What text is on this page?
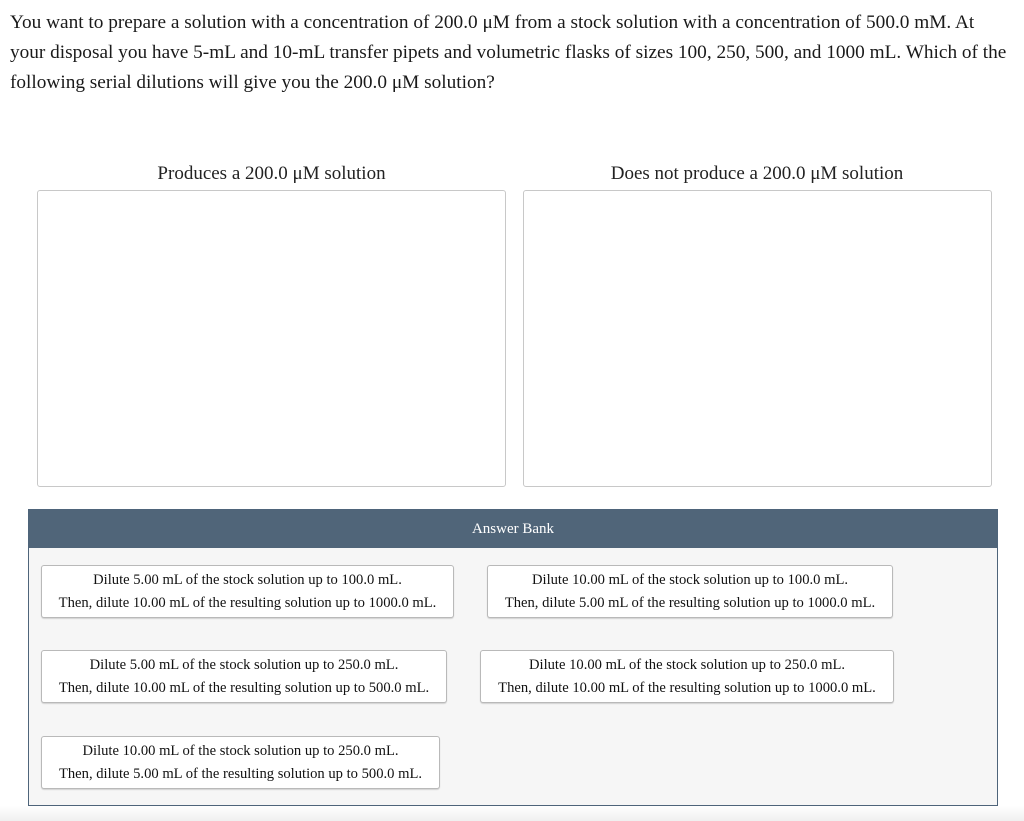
You want to prepare a solution with a concentration of 200.0 μM from a stock solution with a concentration of 500.0 mM. At your disposal you have 5-mL and 10-mL transfer pipets and volumetric flasks of sizes 100, 250, 500, and 1000 mL. Which of the following serial dilutions will give you the 200.0 μM solution?
Produces a 200.0 μM solution	Does not produce a 200.0 μM solution
Answer Bank
Dilute 5.00 mL of the stock solution up to 100.0 mL.
Then, dilute 10.00 mL of the resulting solution up to 1000.0 mL.
Dilute 10.00 mL of the stock solution up to 100.0 mL.
Then, dilute 5.00 mL of the resulting solution up to 1000.0 mL.
Dilute 5.00 mL of the stock solution up to 250.0 mL.
Then, dilute 10.00 mL of the resulting solution up to 500.0 mL.
Dilute 10.00 mL of the stock solution up to 250.0 mL.
Then, dilute 10.00 mL of the resulting solution up to 1000.0 mL.
Dilute 10.00 mL of the stock solution up to 250.0 mL.
Then, dilute 5.00 mL of the resulting solution up to 500.0 mL.
